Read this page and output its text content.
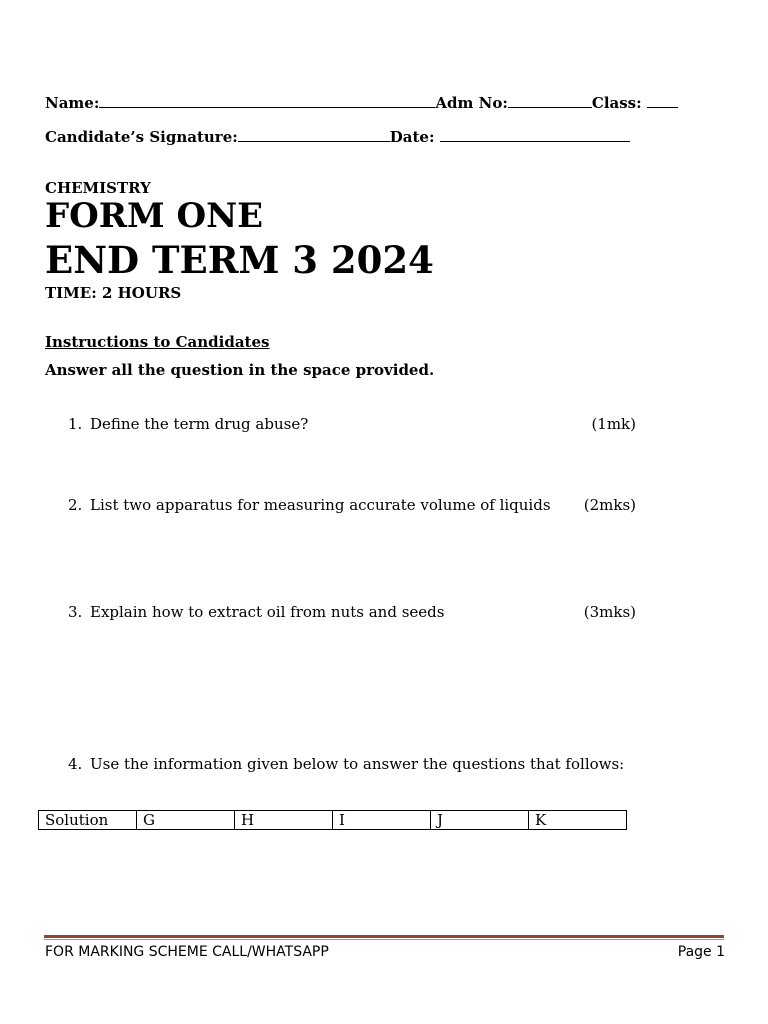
Name:	Adm No:	Class:
Candidate’s Signature:	Date:
CHEMISTRY
FORM ONE
END TERM 3 2024
TIME: 2 HOURS
Instructions to Candidates
Answer all the question in the space provided.
1. Define the term drug abuse?	(1mk)
2. List two apparatus for measuring accurate volume of liquids (2mks)
3. Explain how to extract oil from nuts and seeds	(3mks)
4. Use the information given below to answer the questions that follows:
Solution	G	H	I	J	K
FOR MARKING SCHEME CALL/WHATSAPP	Page 1
